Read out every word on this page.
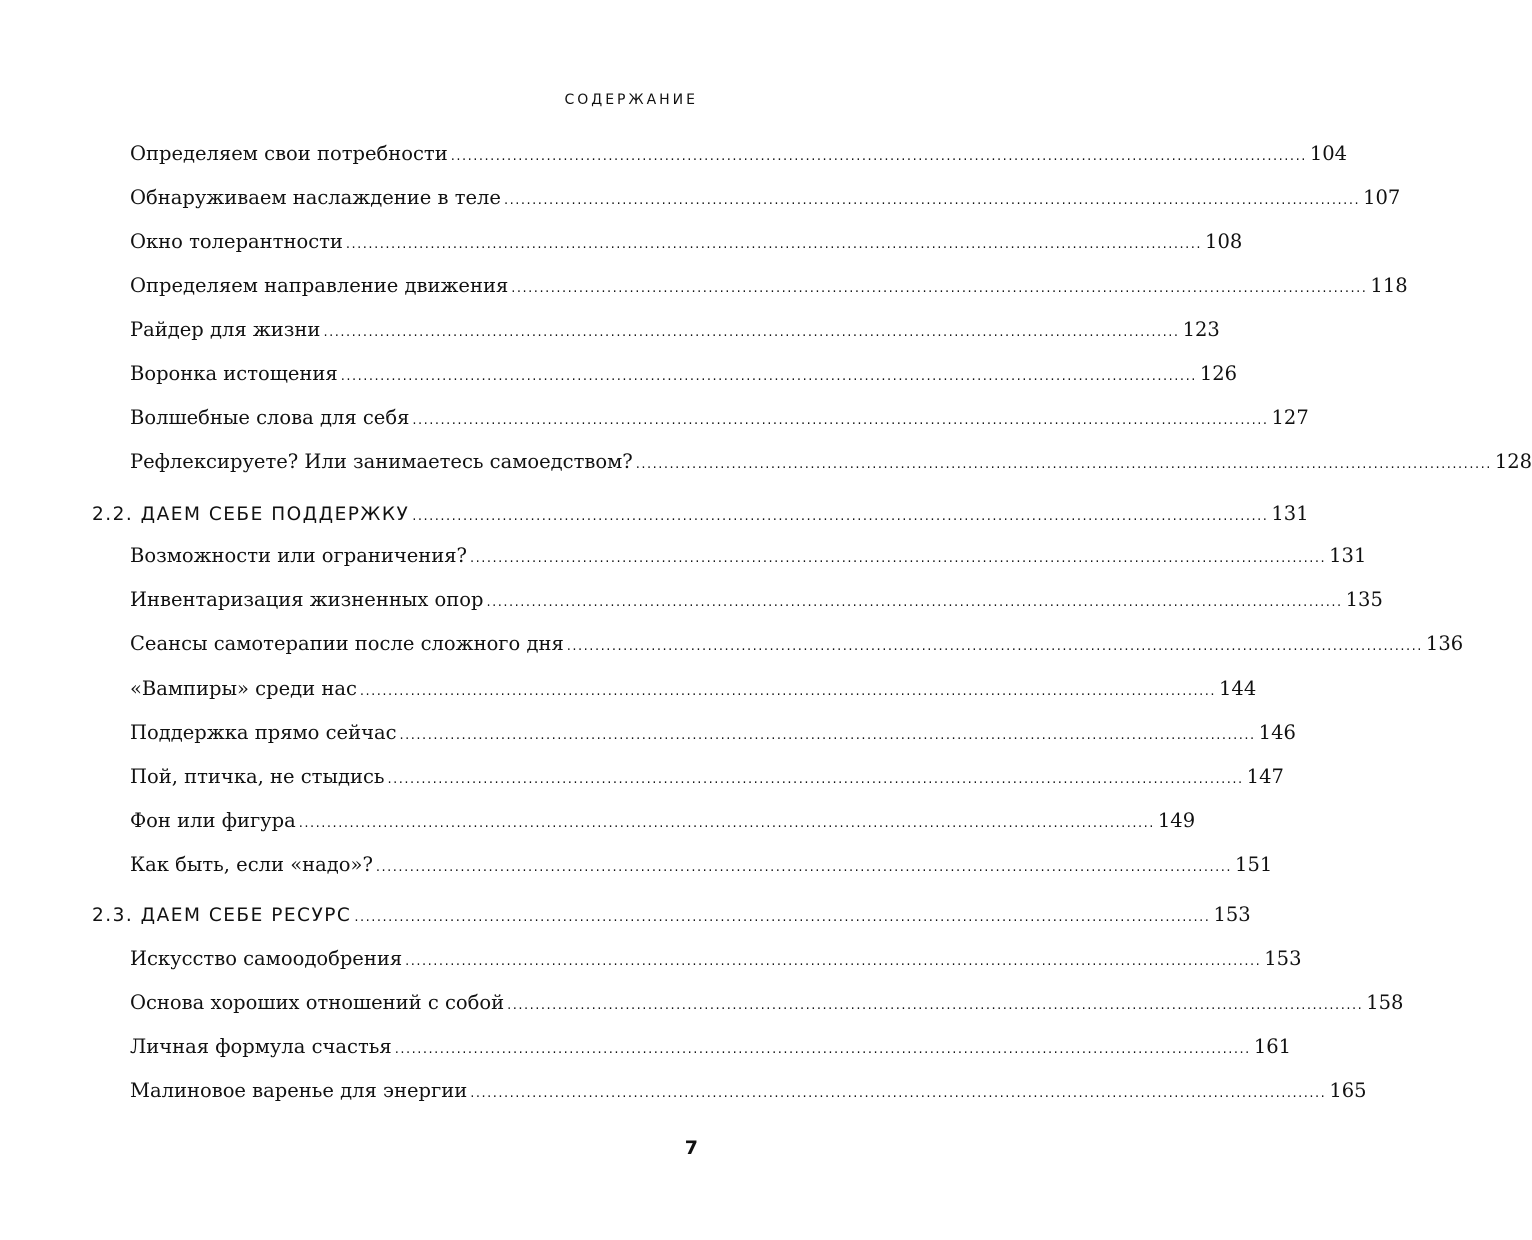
СОДЕРЖАНИЕ
Определяем свои потребности ........................................................................................................................................................ 104
Обнаруживаем наслаждение в теле ........................................................................................................................................................ 107
Окно толерантности ........................................................................................................................................................ 108
Определяем направление движения ........................................................................................................................................................ 118
Райдер для жизни ........................................................................................................................................................ 123
Воронка истощения ........................................................................................................................................................ 126
Волшебные слова для себя ........................................................................................................................................................ 127
Рефлексируете? Или занимаетесь самоедством? ........................................................................................................................................................ 128
2.2. ДАЕМ СЕБЕ ПОДДЕРЖКУ ........................................................................................................................................................ 131
Возможности или ограничения? ........................................................................................................................................................ 131
Инвентаризация жизненных опор ........................................................................................................................................................ 135
Сеансы самотерапии после сложного дня ........................................................................................................................................................ 136
«Вампиры» среди нас ........................................................................................................................................................ 144
Поддержка прямо сейчас ........................................................................................................................................................ 146
Пой, птичка, не стыдись ........................................................................................................................................................ 147
Фон или фигура ........................................................................................................................................................ 149
Как быть, если «надо»? ........................................................................................................................................................ 151
2.3. ДАЕМ СЕБЕ РЕСУРС ........................................................................................................................................................ 153
Искусство самоодобрения ........................................................................................................................................................ 153
Основа хороших отношений с собой ........................................................................................................................................................ 158
Личная формула счастья ........................................................................................................................................................ 161
Малиновое варенье для энергии ........................................................................................................................................................ 165
7
